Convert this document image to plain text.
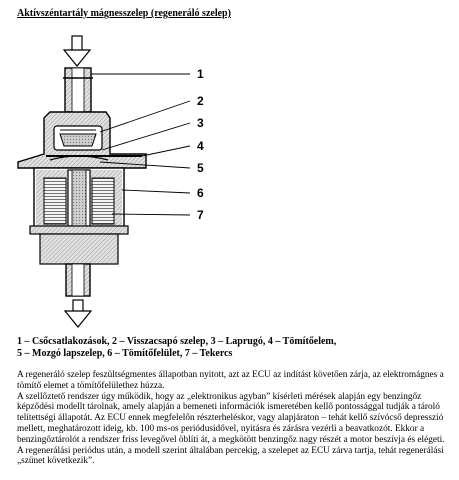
Aktívszéntartály mágnesszelep (regeneráló szelep)
1
2
3
4
5
6
7
1 – Csőcsatlakozások, 2 – Visszacsapó szelep, 3 – Laprugó, 4 – Tömítőelem,
5 – Mozgó lapszelep, 6 – Tömítőfelület, 7 – Tekercs

A regeneráló szelep feszültségmentes állapotban nyitott, azt az ECU az indítást követően zárja, az elektromágnes a tömítő elemet a tömítőfelülethez húzza.

A szellőztető rendszer úgy működik, hogy az „elektronikus agyban” kísérleti mérések alapján egy benzingőz képződési modellt tárolnak, amely alapján a bemeneti információk ismeretében kellő pontossággal tudják a tároló telítettségi állapotát. Az ECU ennek megfelelőn részterheléskor, vagy alapjáraton – tehát kellő szívócső depresszió mellett, meghatározott ideig, kb. 100 ms-os periódusidővel, nyitásra és zárásra vezérli a beavatkozót. Ekkor a benzingőztárolót a rendszer friss levegővel öblíti át, a megkötött benzingőz nagy részét a motor beszívja és elégeti.

A regenerálási periódus után, a modell szerint általában percekig, a szelepet az ECU zárva tartja, tehát regenerálási „szünet következik”.
